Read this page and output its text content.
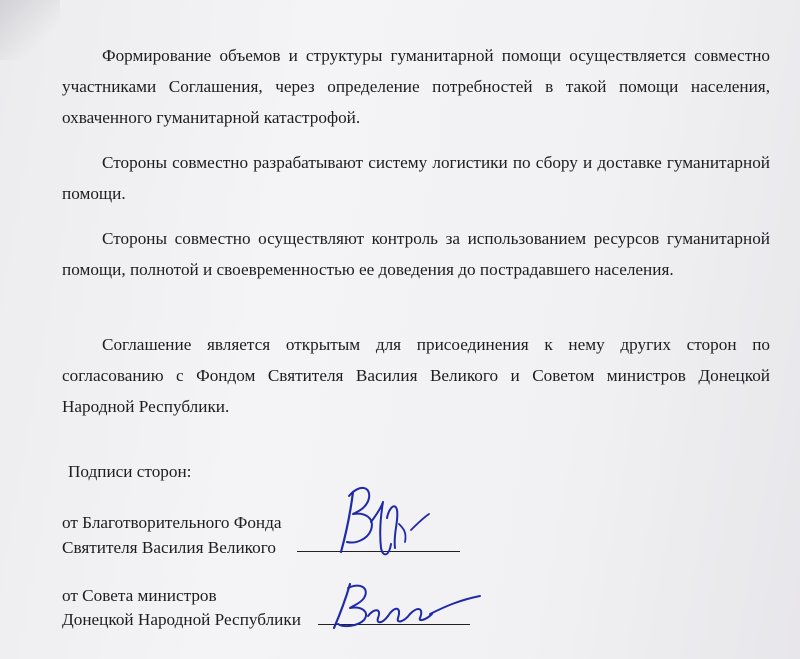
Формирование объемов и структуры гуманитарной помощи осуществляется совместно участниками Соглашения, через определение потребностей в такой помощи населения, охваченного гуманитарной катастрофой.

Стороны совместно разрабатывают систему логистики по сбору и доставке гуманитарной помощи.

Стороны совместно осуществляют контроль за использованием ресурсов гуманитарной помощи, полнотой и своевременностью ее доведения до пострадавшего населения.

Соглашение является открытым для присоединения к нему других сторон по согласованию с Фондом Святителя Василия Великого и Советом министров Донецкой Народной Республики.

Подписи сторон:
от Благотворительного Фонда
Святителя Василия Великого
от Совета министров
Донецкой Народной Республики
